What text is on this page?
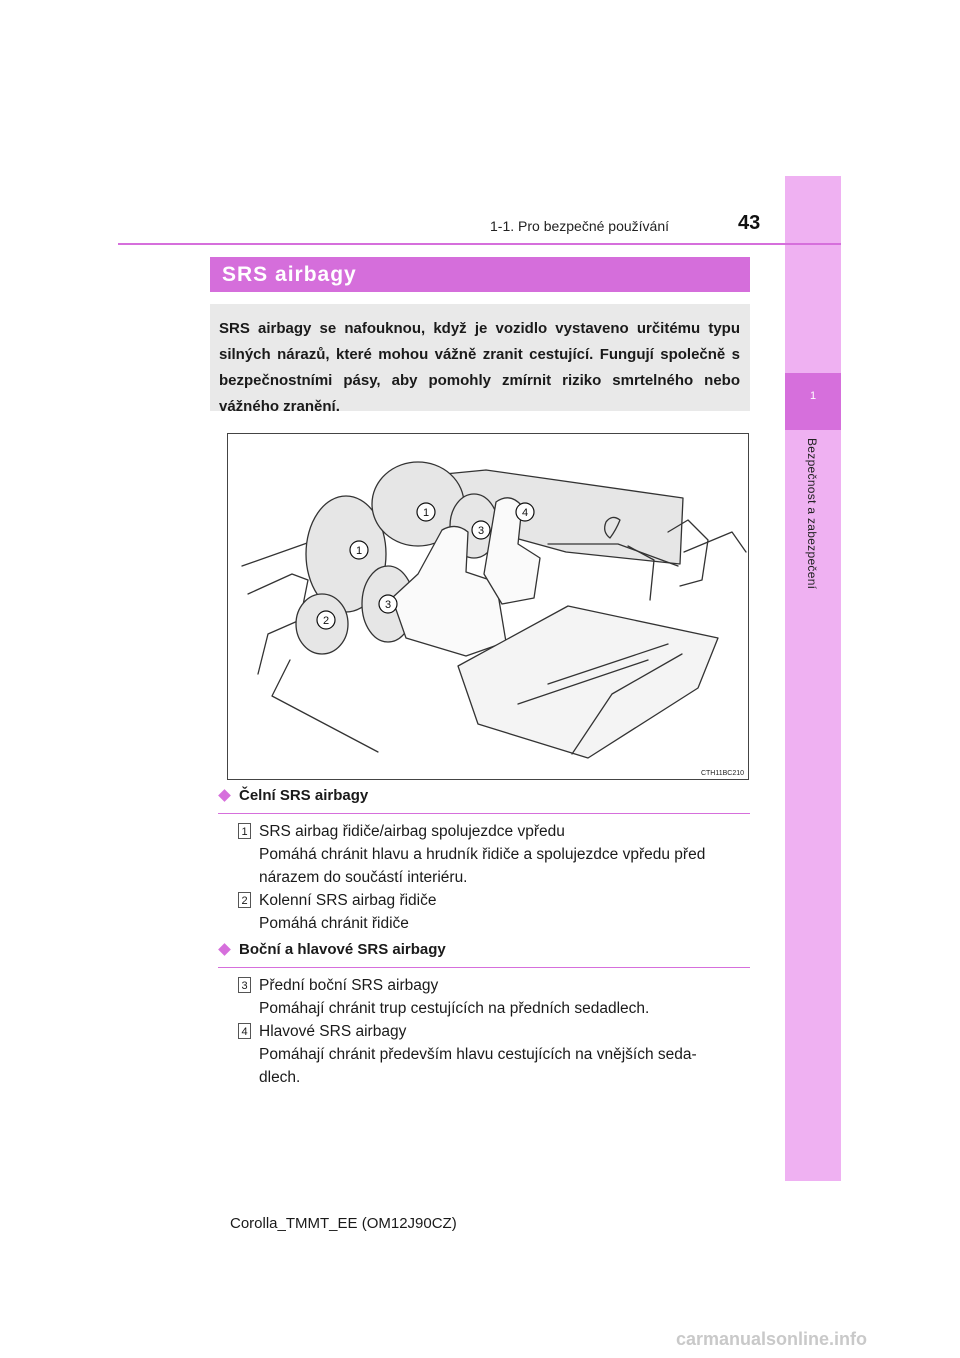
1
Bezpečnost a zabezpečení
1-1. Pro bezpečné používání	43
SRS airbagy
SRS airbagy se nafouknou, když je vozidlo vystaveno určitému typu silných nárazů, které mohou vážně zranit cestující. Fungují společně s bezpečnostními pásy, aby pomohly zmírnit riziko smrtelného nebo vážného zranění.
1
1
2
3
3
4
CTH11BC210
Čelní SRS airbagy
1 SRS airbag řidiče/airbag spolujezdce vpředu
Pomáhá chránit hlavu a hrudník řidiče a spolujezdce vpředu před
nárazem do součástí interiéru.
2 Kolenní SRS airbag řidiče
Pomáhá chránit řidiče
Boční a hlavové SRS airbagy
3 Přední boční SRS airbagy
Pomáhají chránit trup cestujících na předních sedadlech.
4 Hlavové SRS airbagy
Pomáhají chránit především hlavu cestujících na vnějších seda-
dlech.
Corolla_TMMT_EE (OM12J90CZ)
carmanualsonline.info
